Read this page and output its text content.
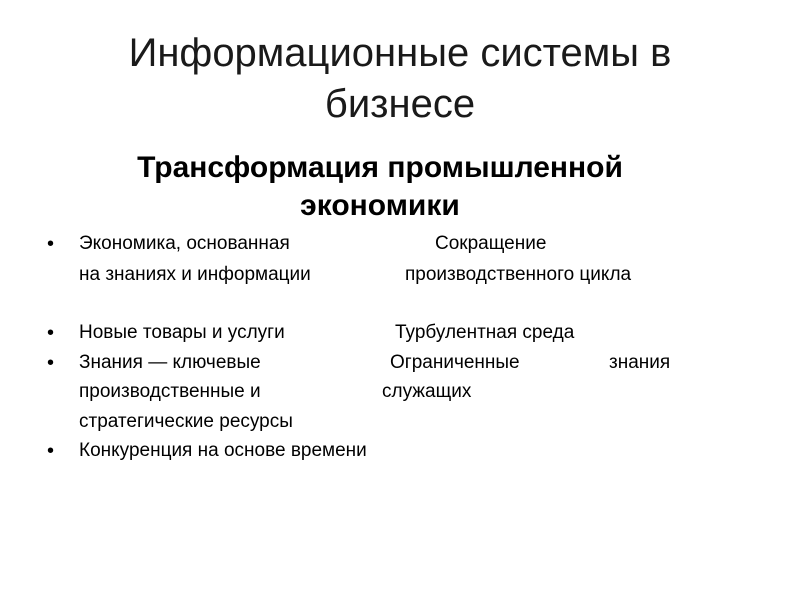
Информационные системы в
бизнесе
Трансформация промышленной
экономики
• Экономика, основанная	Сокращение
на знаниях и информации	производственного цикла
• Новые товары и услуги	Турбулентная среда
• Знания — ключевые	Ограниченные	знания
производственные и	служащих
стратегические ресурсы
• Конкуренция на основе времени
